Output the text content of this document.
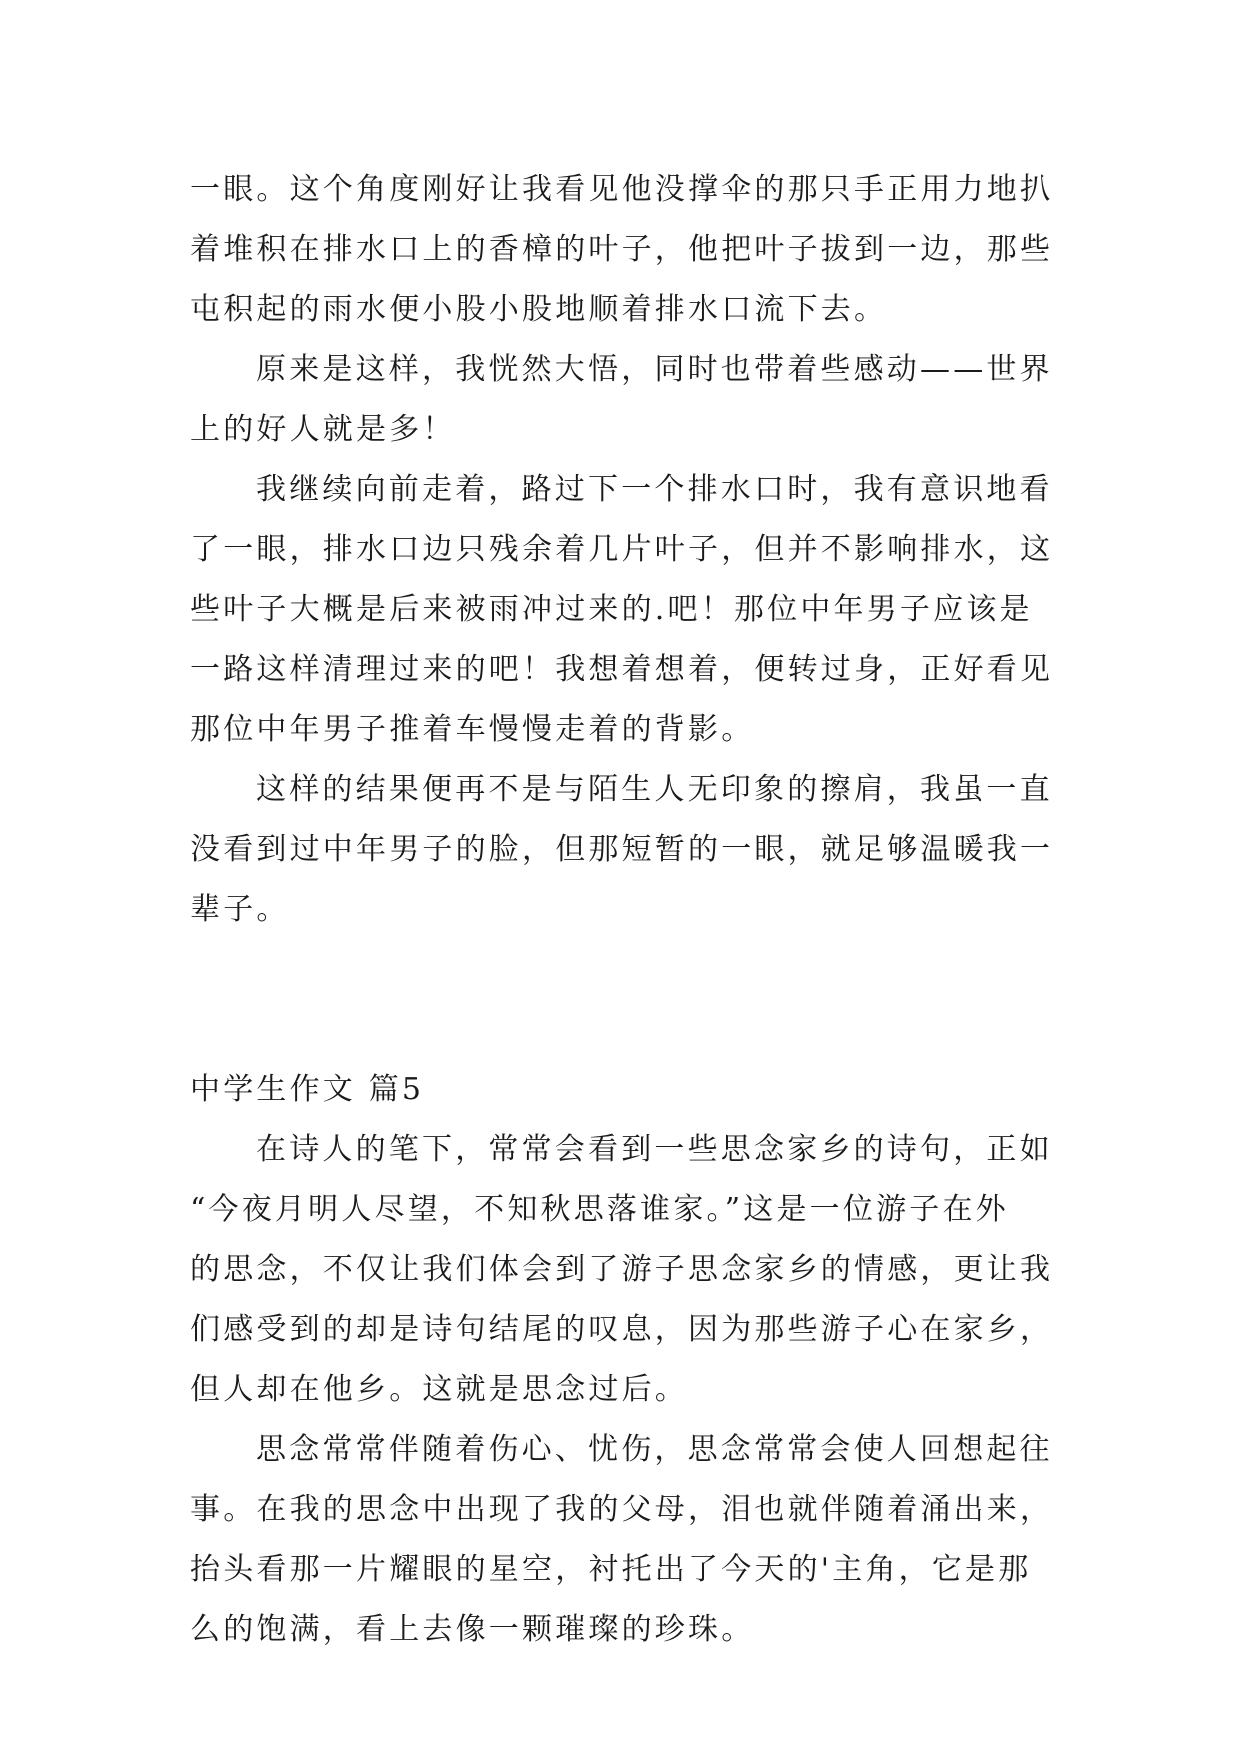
一眼。这个角度刚好让我看见他没撑伞的那只手正用力地扒
着堆积在排水口上的香樟的叶子，他把叶子拔到一边，那些
屯积起的雨水便小股小股地顺着排水口流下去。
原来是这样，我恍然大悟，同时也带着些感动——世界
上的好人就是多！
我继续向前走着，路过下一个排水口时，我有意识地看
了一眼，排水口边只残余着几片叶子，但并不影响排水，这
些叶子大概是后来被雨冲过来的.吧！那位中年男子应该是
一路这样清理过来的吧！我想着想着，便转过身，正好看见
那位中年男子推着车慢慢走着的背影。
这样的结果便再不是与陌生人无印象的擦肩，我虽一直
没看到过中年男子的脸，但那短暂的一眼，就足够温暖我一
辈子。
中学生作文 篇5
在诗人的笔下，常常会看到一些思念家乡的诗句，正如
“今夜月明人尽望，不知秋思落谁家。”这是一位游子在外
的思念，不仅让我们体会到了游子思念家乡的情感，更让我
们感受到的却是诗句结尾的叹息，因为那些游子心在家乡，
但人却在他乡。这就是思念过后。
思念常常伴随着伤心、忧伤，思念常常会使人回想起往
事。在我的思念中出现了我的父母，泪也就伴随着涌出来，
抬头看那一片耀眼的星空，衬托出了今天的'主角，它是那
么的饱满，看上去像一颗璀璨的珍珠。
